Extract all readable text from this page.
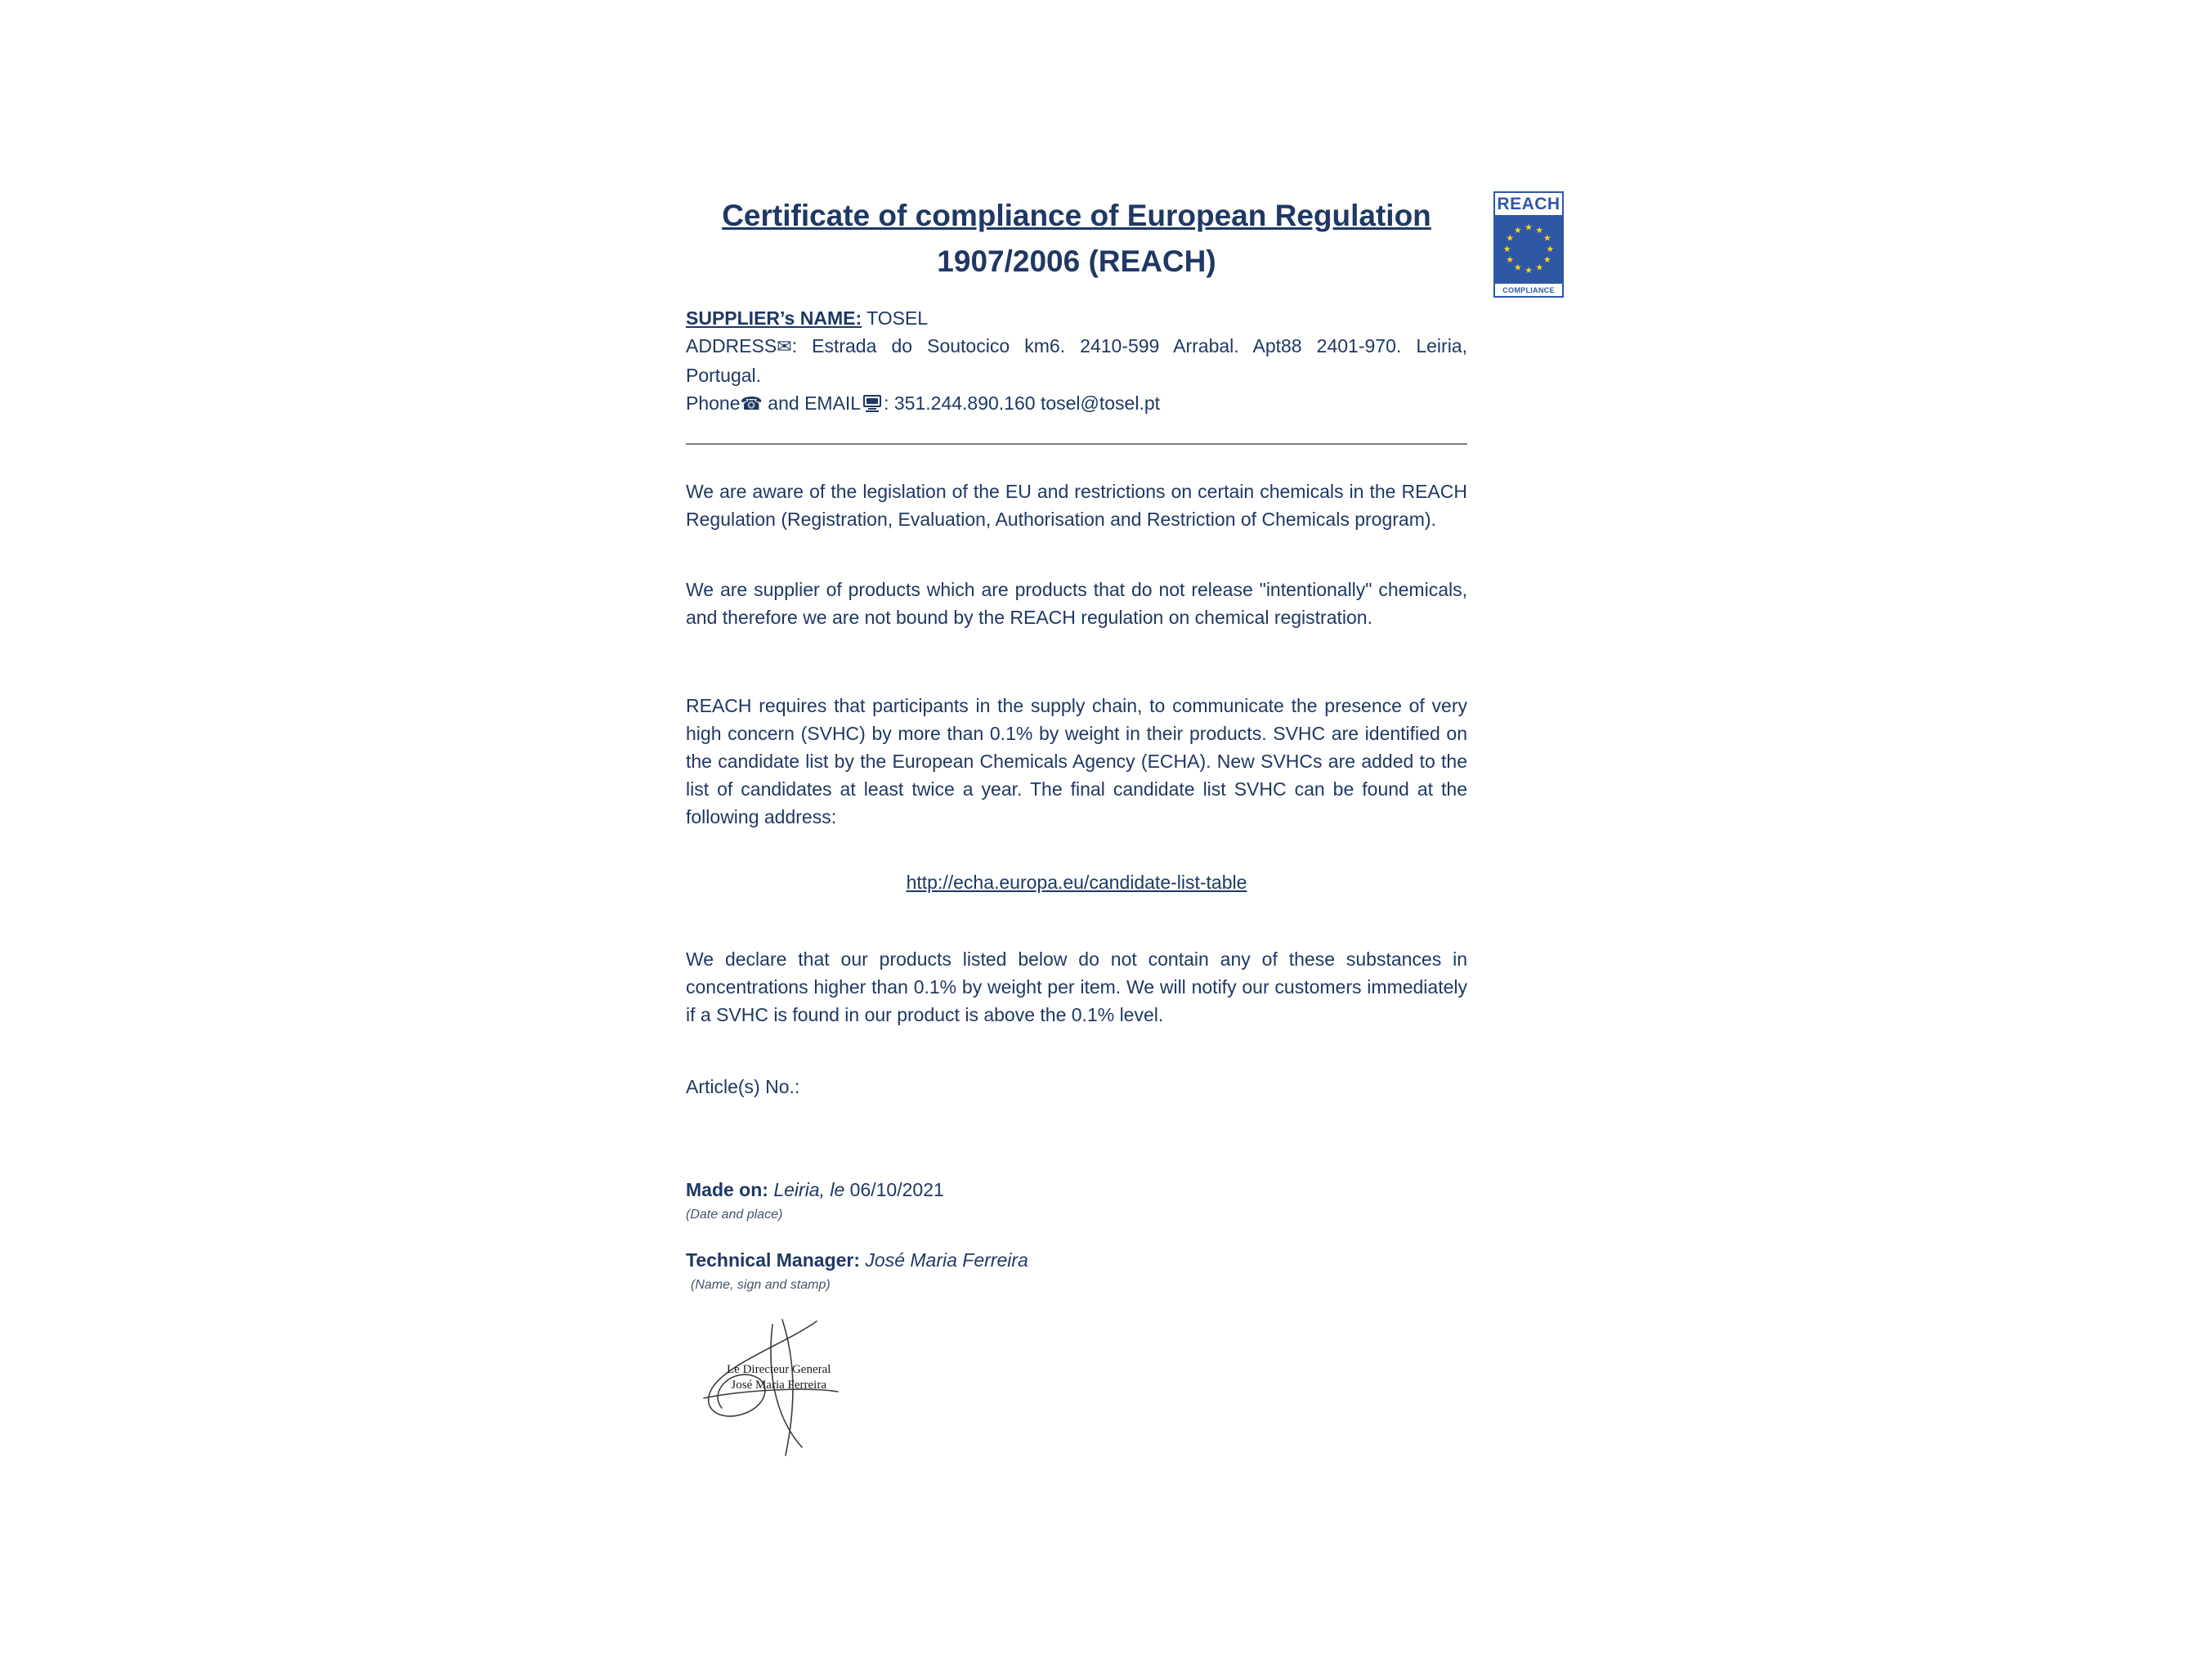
REACH
★ ★
★
★
★
★
★
★
★
★
★
★
COMPLIANCE
Certificate of compliance of European Regulation
1907/2006 (REACH)
SUPPLIER’s NAME: TOSEL
ADDRESS✉: Estrada do Soutocico km6. 2410-599 Arrabal. Apt88 2401-970. Leiria,
Portugal.
Phone☎ and EMAIL : 351.244.890.160 tosel@tosel.pt

We are aware of the legislation of the EU and restrictions on certain chemicals in the REACH Regulation (Registration, Evaluation, Authorisation and Restriction of Chemicals program).

We are supplier of products which are products that do not release "intentionally" chemicals, and therefore we are not bound by the REACH regulation on chemical registration.

REACH requires that participants in the supply chain, to communicate the presence of very high concern (SVHC) by more than 0.1% by weight in their products. SVHC are identified on the candidate list by the European Chemicals Agency (ECHA). New SVHCs are added to the list of candidates at least twice a year. The final candidate list SVHC can be found at the following address:

http://echa.europa.eu/candidate-list-table

We declare that our products listed below do not contain any of these substances in concentrations higher than 0.1% by weight per item. We will notify our customers immediately if a SVHC is found in our product is above the 0.1% level.

Article(s) No.:
Made on: Leiria, le 06/10/2021
(Date and place)
Technical Manager: José Maria Ferreira
(Name, sign and stamp)
Le Directeur General
José Maria Ferreira
